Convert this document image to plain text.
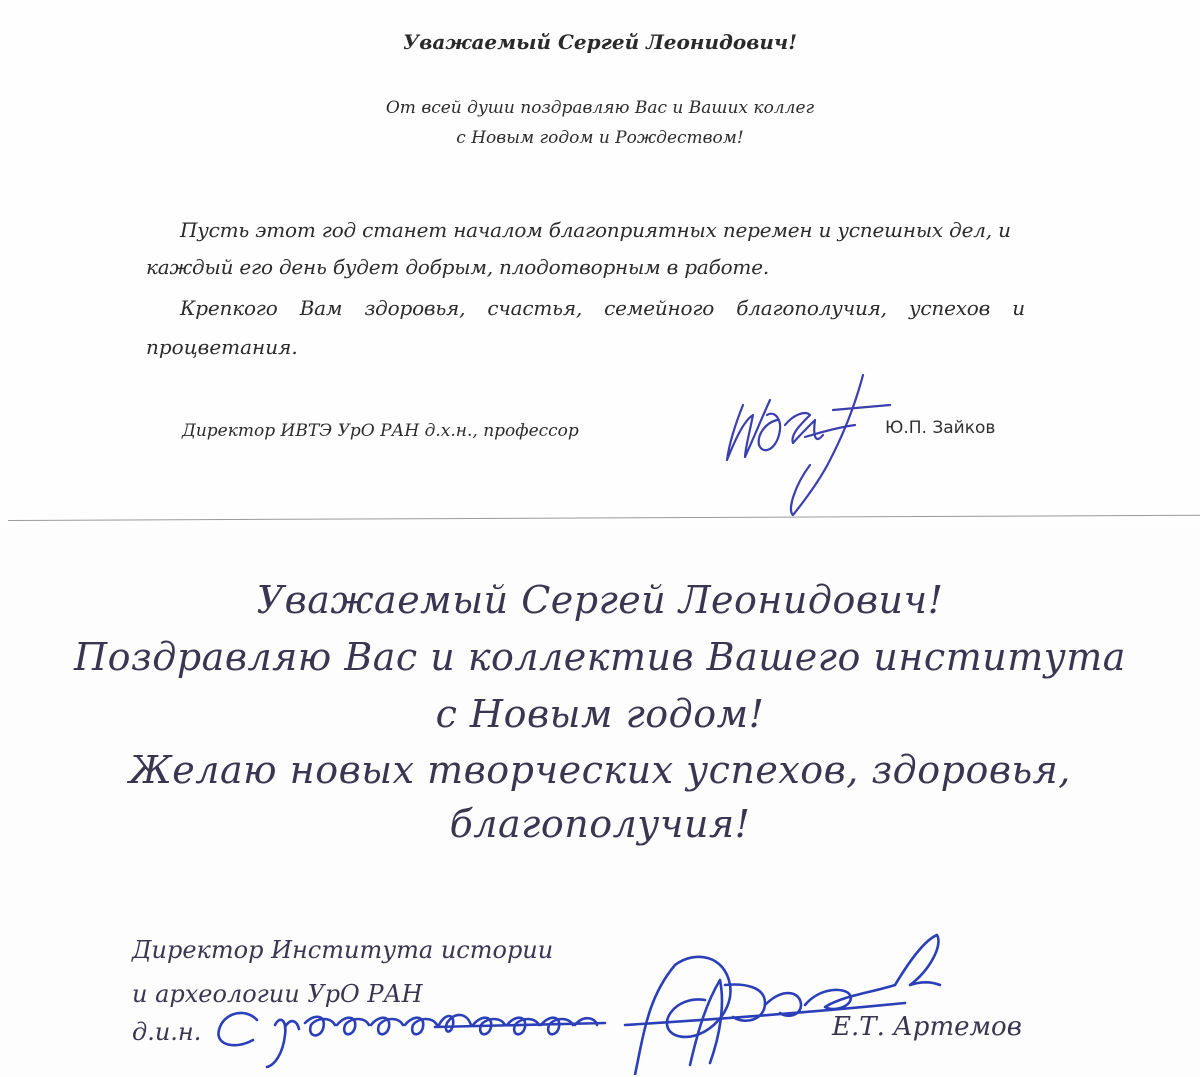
Уважаемый Сергей Леонидович!
От всей души поздравляю Вас и Ваших коллег
с Новым годом и Рождеством!
Пусть этот год станет началом благоприятных перемен и успешных дел, и
каждый его день будет добрым, плодотворным в работе.
Крепкого Вам здоровья, счастья, семейного благополучия, успехов и
процветания.
Директор ИВТЭ УрО РАН д.х.н., профессор	Ю.П. Зайков
Уважаемый Сергей Леонидович!
Поздравляю Вас и коллектив Вашего института
с Новым годом!
Желаю новых творческих успехов, здоровья,
благополучия!
Директор Института истории
и археологии УрО РАН
д.и.н.	Е.Т. Артемов
